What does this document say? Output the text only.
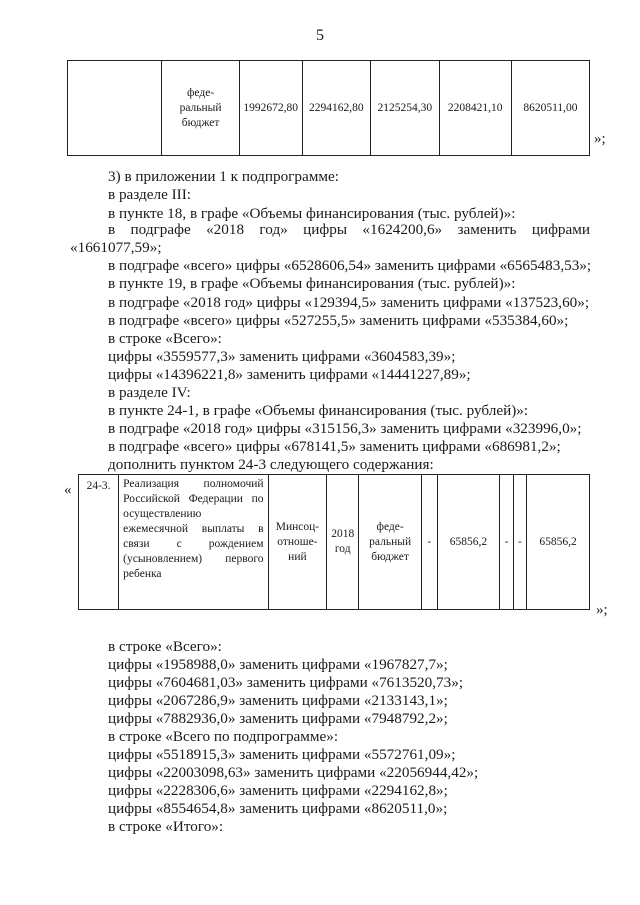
5
	феде-
ральный
бюджет	1992672,80	2294162,80	2125254,30	2208421,10	8620511,00
»;
3) в приложении 1 к подпрограмме:
в разделе III:
в пункте 18, в графе «Объемы финансирования (тыс. рублей)»:
в подграфе «2018 год» цифры «1624200,6» заменить цифрами
«1661077,59»;
в подграфе «всего» цифры «6528606,54» заменить цифрами «6565483,53»;
в пункте 19, в графе «Объемы финансирования (тыс. рублей)»:
в подграфе «2018 год» цифры «129394,5» заменить цифрами «137523,60»;
в подграфе «всего» цифры «527255,5» заменить цифрами «535384,60»;
в строке «Всего»:
цифры «3559577,3» заменить цифрами «3604583,39»;
цифры «14396221,8» заменить цифрами «14441227,89»;
в разделе IV:
в пункте 24-1, в графе «Объемы финансирования (тыс. рублей)»:
в подграфе «2018 год» цифры «315156,3» заменить цифрами «323996,0»;
в подграфе «всего» цифры «678141,5» заменить цифрами «686981,2»;
дополнить пунктом 24-3 следующего содержания:
« 24-3.	Реализация полномочий Российской Федерации по осуществлению ежемесячной выплаты в связи с рождением (усыновлением) первого ребенка	Минсоц-
отноше-
ний	2018
год	феде-
ральный
бюджет	-	65856,2	-	-	65856,2
»;
в строке «Всего»:
цифры «1958988,0» заменить цифрами «1967827,7»;
цифры «7604681,03» заменить цифрами «7613520,73»;
цифры «2067286,9» заменить цифрами «2133143,1»;
цифры «7882936,0» заменить цифрами «7948792,2»;
в строке «Всего по подпрограмме»:
цифры «5518915,3» заменить цифрами «5572761,09»;
цифры «22003098,63» заменить цифрами «22056944,42»;
цифры «2228306,6» заменить цифрами «2294162,8»;
цифры «8554654,8» заменить цифрами «8620511,0»;
в строке «Итого»:
